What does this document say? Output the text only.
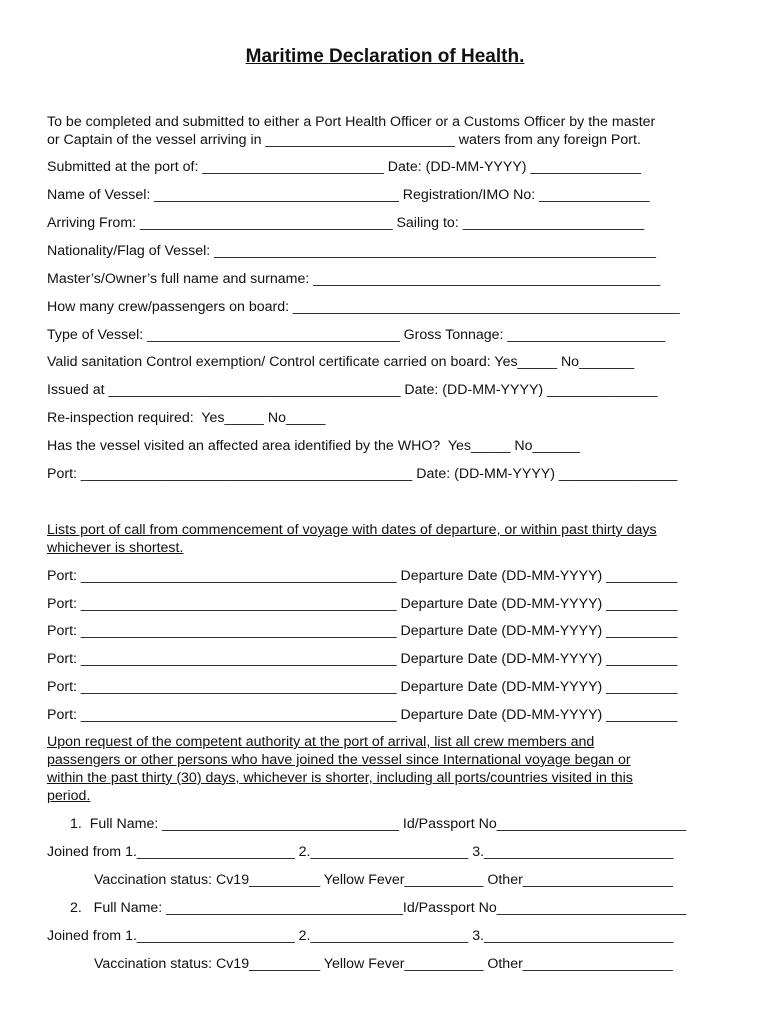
Maritime Declaration of Health.
To be completed and submitted to either a Port Health Officer or a Customs Officer by the master
or Captain of the vessel arriving in ________________________ waters from any foreign Port.
Submitted at the port of: _______________________ Date: (DD-MM-YYYY) ______________
Name of Vessel: _______________________________ Registration/IMO No: ______________
Arriving From: ________________________________ Sailing to: _______________________
Nationality/Flag of Vessel: ________________________________________________________
Master’s/Owner’s full name and surname: ____________________________________________
How many crew/passengers on board: _________________________________________________
Type of Vessel: ________________________________ Gross Tonnage: ____________________
Valid sanitation Control exemption/ Control certificate carried on board: Yes_____ No_______
Issued at _____________________________________ Date: (DD-MM-YYYY) ______________
Re-inspection required:  Yes_____ No_____
Has the vessel visited an affected area identified by the WHO?  Yes_____ No______
Port: __________________________________________ Date: (DD-MM-YYYY) _______________
Lists port of call from commencement of voyage with dates of departure, or within past thirty days
whichever is shortest.
Port: ________________________________________ Departure Date (DD-MM-YYYY) _________
Port: ________________________________________ Departure Date (DD-MM-YYYY) _________
Port: ________________________________________ Departure Date (DD-MM-YYYY) _________
Port: ________________________________________ Departure Date (DD-MM-YYYY) _________
Port: ________________________________________ Departure Date (DD-MM-YYYY) _________
Port: ________________________________________ Departure Date (DD-MM-YYYY) _________
Upon request of the competent authority at the port of arrival, list all crew members and
passengers or other persons who have joined the vessel since International voyage began or
within the past thirty (30) days, whichever is shorter, including all ports/countries visited in this
period.
1.  Full Name: ______________________________ Id/Passport No________________________
Joined from 1.____________________ 2.____________________ 3.________________________
Vaccination status: Cv19_________ Yellow Fever__________ Other___________________
2.   Full Name: ______________________________Id/Passport No________________________
Joined from 1.____________________ 2.____________________ 3.________________________
Vaccination status: Cv19_________ Yellow Fever__________ Other___________________
